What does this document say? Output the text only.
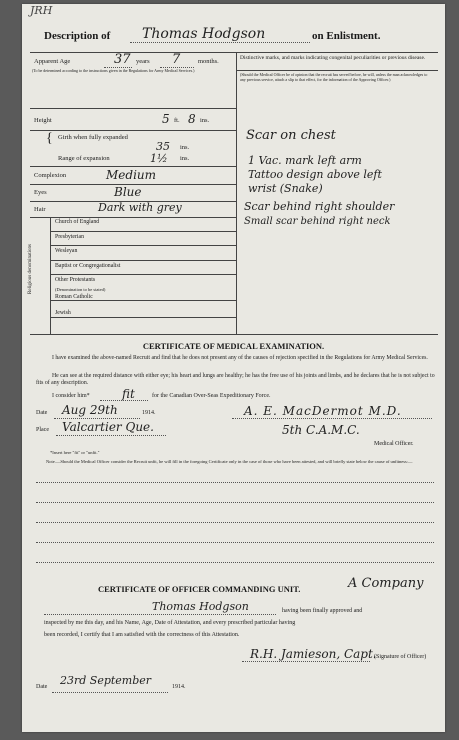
JRH
Description of Thomas Hodgson	on Enlistment.
Apparent Age	37 years 7	months.
(To be determined according to the instructions given in the Regulations for Army Medical Services.)
Height	5 ft. 8 ins.
{ Girth when fully expanded
35 ins.
Range of expansion	1½ ins.
Complexion	Medium
Eyes	Blue
Hair	Dark with grey
Religious denominations
Church of England
Presbyterian
Wesleyan
Baptist or Congregationalist
Other Protestants
(Denomination to be stated)
Roman Catholic
Jewish
Distinctive marks, and marks indicating congenital peculiarities or previous disease.
(Should the Medical Officer be of opinion that the recruit has served before, he will, unless the man acknowledges to any previous service, attach a slip to that effect, for the information of the Approving Officer.)
Scar on chest
1 Vac. mark left arm
Tattoo design above left
wrist (Snake)
Scar behind right shoulder
Small scar behind right neck
CERTIFICATE OF MEDICAL EXAMINATION.
I have examined the above-named Recruit and find that he does not present any of the causes of rejection specified in the Regulations for Army Medical Services.
He can see at the required distance with either eye; his heart and lungs are healthy; he has the free use of his joints and limbs, and he declares that he is not subject to fits of any description.
I consider him*	fit	for the Canadian Over-Seas Expeditionary Force.
Date Aug 29th	1914.	A. E. MacDermot M.D.
Place Valcartier Que.	5th C.A.M.C.
Medical Officer.
*Insert here "fit" or "unfit."
Note.—Should the Medical Officer consider the Recruit unfit, he will fill in the foregoing Certificate only in the case of those who have been attested, and will briefly state below the cause of unfitness:—
CERTIFICATE OF OFFICER COMMANDING UNIT.	A Company
Thomas Hodgson	having been finally approved and
inspected by me this day, and his Name, Age, Date of Attestation, and every prescribed particular having
been recorded, I certify that I am satisfied with the correctness of this Attestation.
R.H. Jamieson, Capt.
(Signature of Officer)
Date 23rd September	1914.
